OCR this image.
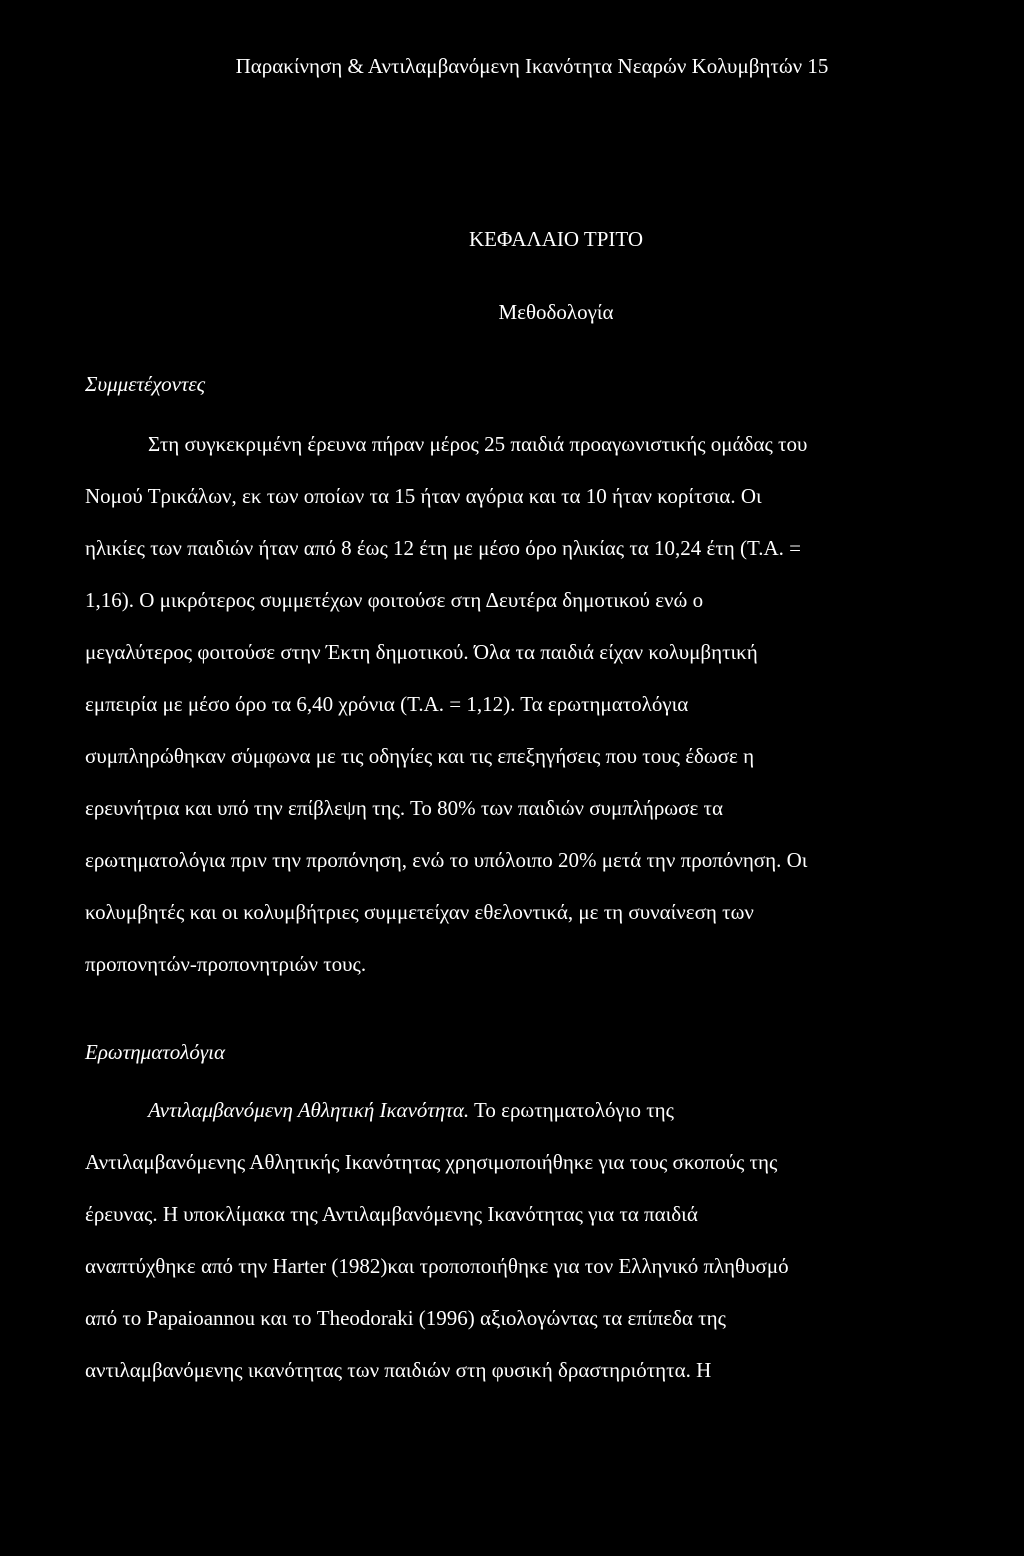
Παρακίνηση & Αντιλαμβανόμενη Ικανότητα Νεαρών Κολυμβητών 15
ΚΕΦΑΛΑΙΟ ΤΡΙΤΟ
Μεθοδολογία
Συμμετέχοντες
Στη συγκεκριμένη έρευνα πήραν μέρος 25 παιδιά προαγωνιστικής ομάδας του
Νομού Τρικάλων, εκ των οποίων τα 15 ήταν αγόρια και τα 10 ήταν κορίτσια. Οι
ηλικίες των παιδιών ήταν από 8 έως 12 έτη με μέσο όρο ηλικίας τα 10,24 έτη (Τ.Α. =
1,16). Ο μικρότερος συμμετέχων φοιτούσε στη Δευτέρα δημοτικού ενώ ο
μεγαλύτερος φοιτούσε στην Έκτη δημοτικού. Όλα τα παιδιά είχαν κολυμβητική
εμπειρία με μέσο όρο τα 6,40 χρόνια (Τ.Α. = 1,12). Τα ερωτηματολόγια
συμπληρώθηκαν σύμφωνα με τις οδηγίες και τις επεξηγήσεις που τους έδωσε η
ερευνήτρια και υπό την επίβλεψη της. Το 80% των παιδιών συμπλήρωσε τα
ερωτηματολόγια πριν την προπόνηση, ενώ το υπόλοιπο 20% μετά την προπόνηση. Οι
κολυμβητές και οι κολυμβήτριες συμμετείχαν εθελοντικά, με τη συναίνεση των
προπονητών-προπονητριών τους.
Ερωτηματολόγια
Αντιλαμβανόμενη Αθλητική Ικανότητα. Το ερωτηματολόγιο της
Αντιλαμβανόμενης Αθλητικής Ικανότητας χρησιμοποιήθηκε για τους σκοπούς της
έρευνας. Η υποκλίμακα της Αντιλαμβανόμενης Ικανότητας για τα παιδιά
αναπτύχθηκε από την Harter (1982)και τροποποιήθηκε για τον Ελληνικό πληθυσμό
από το Papaioannou και το Theodoraki (1996) αξιολογώντας τα επίπεδα της
αντιλαμβανόμενης ικανότητας των παιδιών στη φυσική δραστηριότητα. Η
